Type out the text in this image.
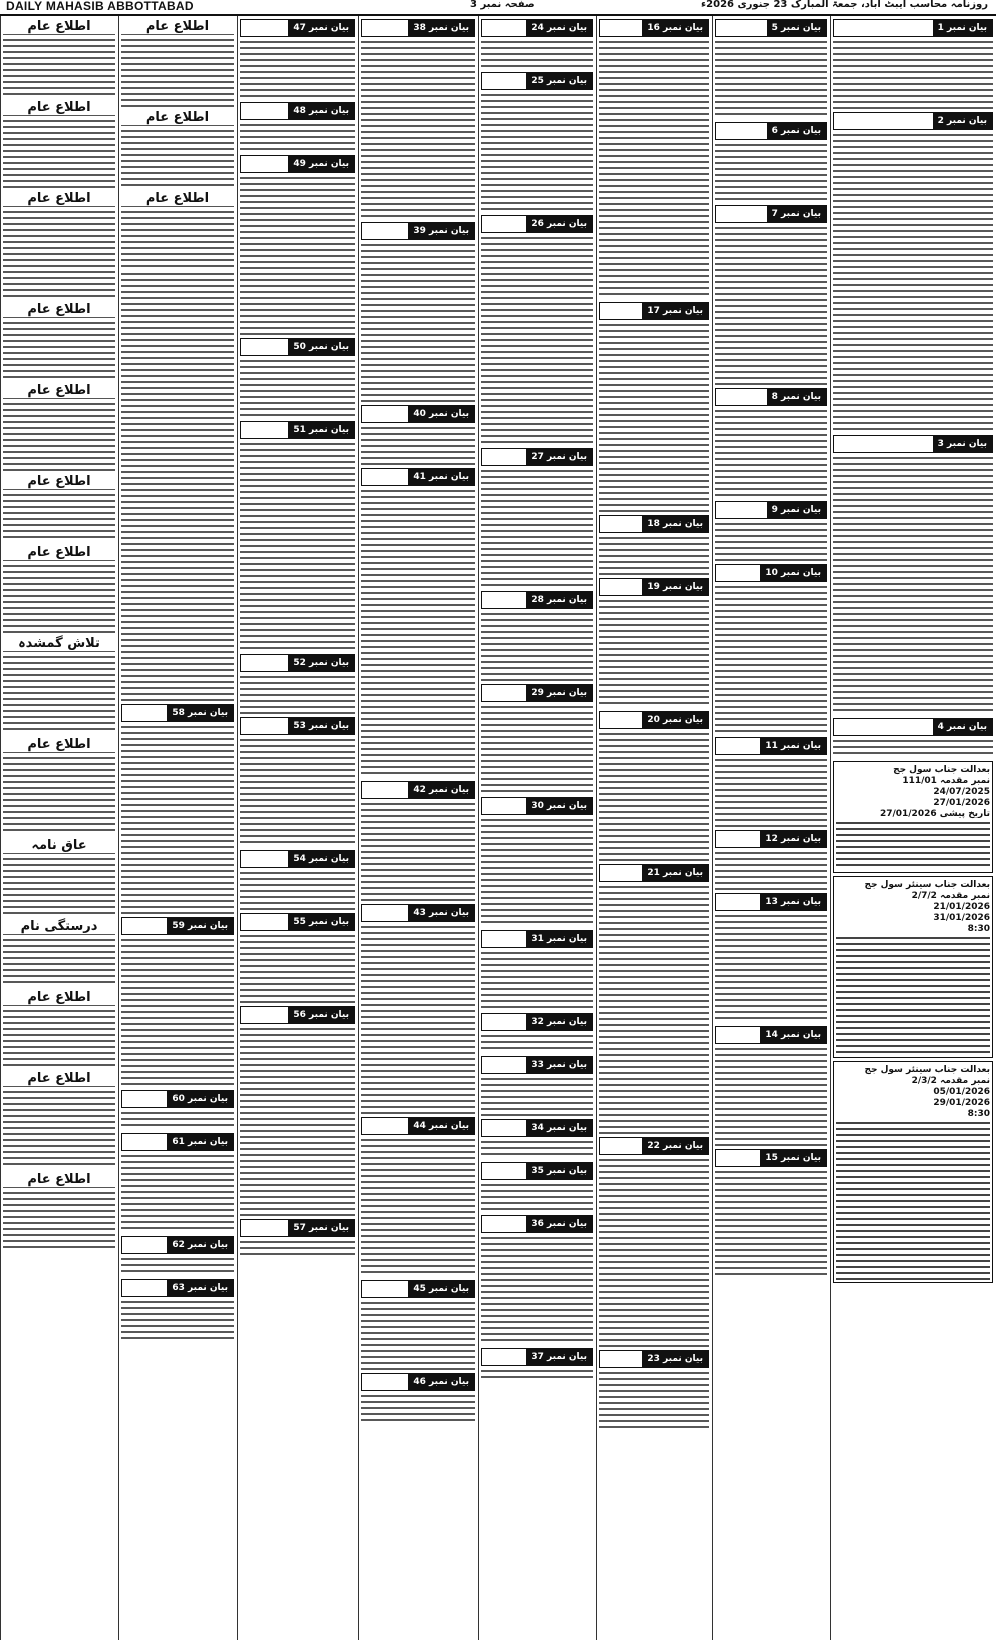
DAILY MAHASIB ABBOTTABAD	صفحہ نمبر 3	روزنامہ محاسب ایبٹ آباد، جمعۃ المبارک 23 جنوری 2026ء
بیان نمبر 1
بیان نمبر 2
بیان نمبر 3
بیان نمبر 4
بعدالت جناب سول جج
نمبر مقدمہ 111/01
24/07/2025
27/01/2026
تاریخ پیشی 27/01/2026
بعدالت جناب سینئر سول جج
نمبر مقدمہ 2/7/2
21/01/2026
31/01/2026
8:30
بعدالت جناب سینئر سول جج
نمبر مقدمہ 2/3/2
05/01/2026
29/01/2026
8:30
بیان نمبر 5
بیان نمبر 6
بیان نمبر 7
بیان نمبر 8
بیان نمبر 9
بیان نمبر 10
بیان نمبر 11
بیان نمبر 12
بیان نمبر 13
بیان نمبر 14
بیان نمبر 15
بیان نمبر 16
بیان نمبر 17
بیان نمبر 18
بیان نمبر 19
بیان نمبر 20
بیان نمبر 21
بیان نمبر 22
بیان نمبر 23
بیان نمبر 24
بیان نمبر 25
بیان نمبر 26
بیان نمبر 27
بیان نمبر 28
بیان نمبر 29
بیان نمبر 30
بیان نمبر 31
بیان نمبر 32
بیان نمبر 33
بیان نمبر 34
بیان نمبر 35
بیان نمبر 36
بیان نمبر 37
بیان نمبر 38
بیان نمبر 39
بیان نمبر 40
بیان نمبر 41
بیان نمبر 42
بیان نمبر 43
بیان نمبر 44
بیان نمبر 45
بیان نمبر 46
بیان نمبر 47
بیان نمبر 48
بیان نمبر 49
بیان نمبر 50
بیان نمبر 51
بیان نمبر 52
بیان نمبر 53
بیان نمبر 54
بیان نمبر 55
بیان نمبر 56
بیان نمبر 57
اطلاع عام
اطلاع عام
اطلاع عام
بیان نمبر 58
بیان نمبر 59
بیان نمبر 60
بیان نمبر 61
بیان نمبر 62
بیان نمبر 63
اطلاع عام
اطلاع عام
اطلاع عام
اطلاع عام
اطلاع عام
اطلاع عام
اطلاع عام
تلاش گمشدہ
اطلاع عام
عاق نامہ
درستگی نام
اطلاع عام
اطلاع عام
اطلاع عام
